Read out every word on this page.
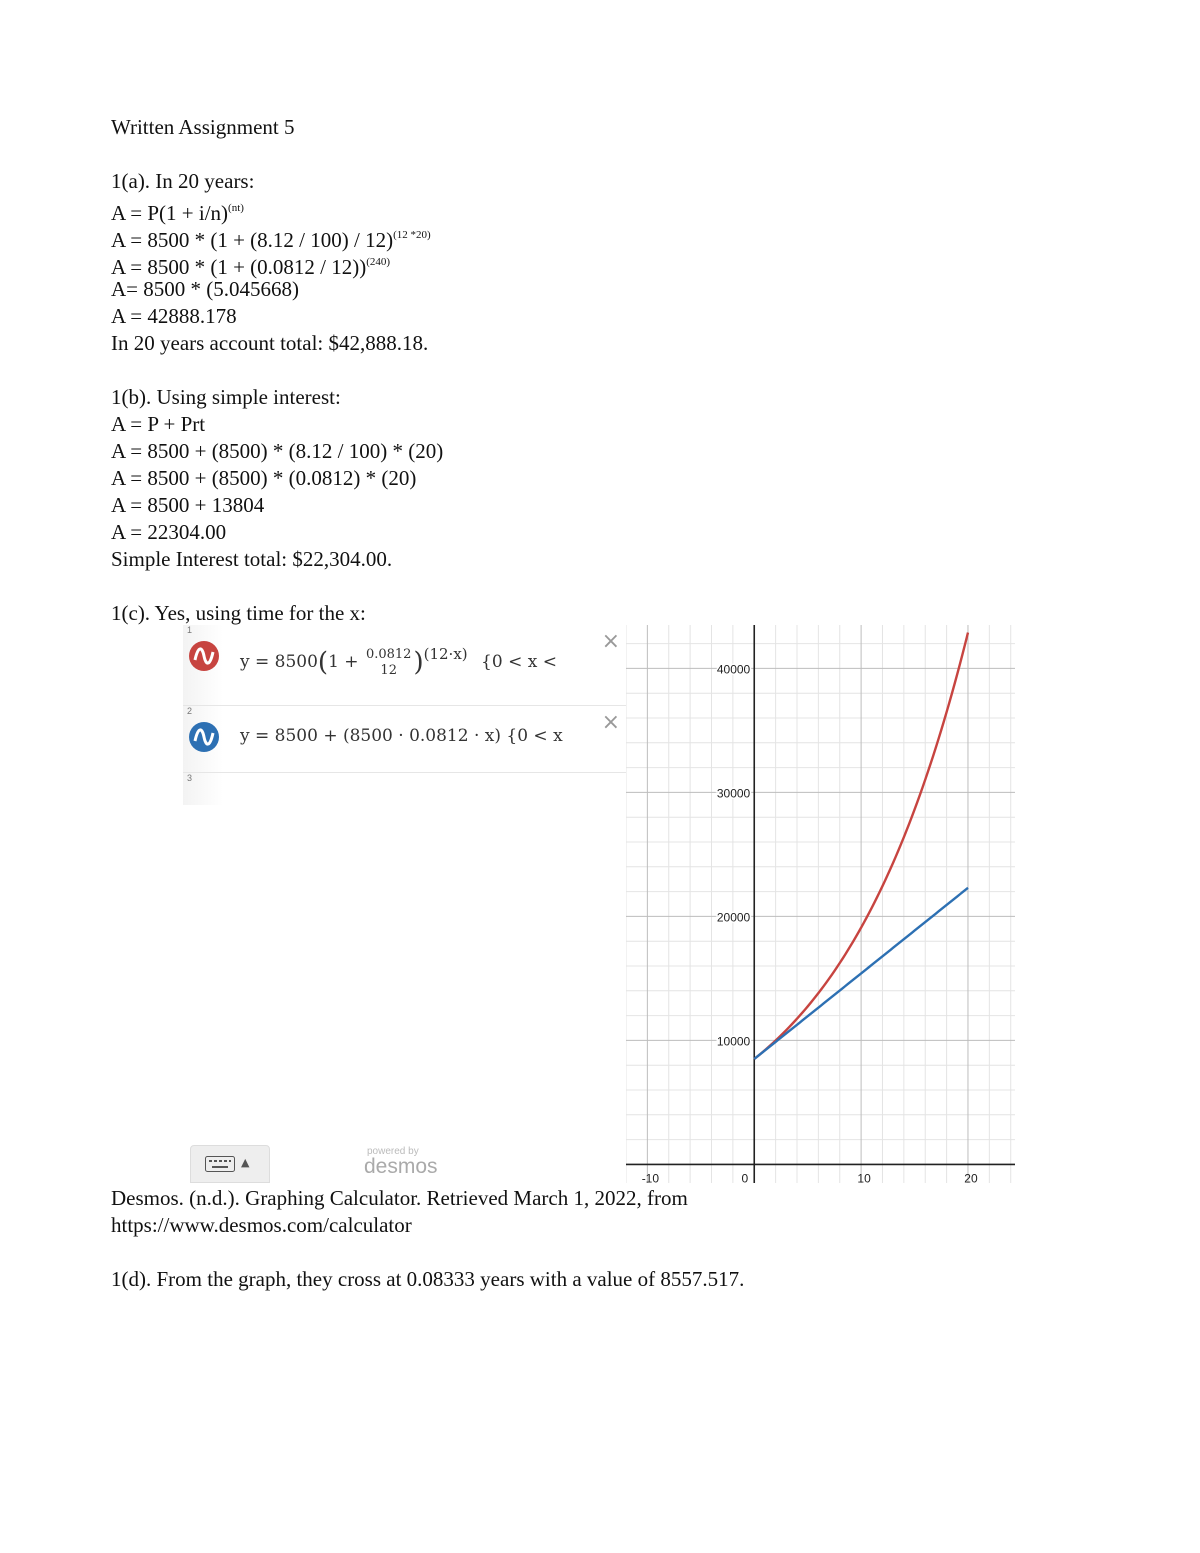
Written Assignment 5
1(a). In 20 years:
$A = P(1 + i/n)^{(nt)}$
$A = 8500 * (1 + (8.12 / 100) / 12)^{(12 *20)}$
$A = 8500 * (1 + (0.0812 / 12))^{(240)}$
A= 8500 * (5.045668)
A = 42888.178
In 20 years account total: $42,888.18.
1(b). Using simple interest:
A = P + Prt
A = 8500 + (8500) * (8.12 / 100) * (20)
A = 8500 + (8500) * (0.0812) * (20)
A = 8500 + 13804
A = 22304.00
Simple Interest total: $22,304.00.
1(c). Yes, using time for the x:
1
y = 8500(1 + 0.0812
12 )$^{(12\cdot x)}$ {0 < x <
×
2
y = 8500 + (8500 · 0.0812 · x) {0 < x
×
3
▲
powered by
desmos
-10	0	10	20
10000
20000
30000
40000
Desmos. (n.d.). Graphing Calculator. Retrieved March 1, 2022, from
https://www.desmos.com/calculator
1(d). From the graph, they cross at 0.08333 years with a value of 8557.517.
